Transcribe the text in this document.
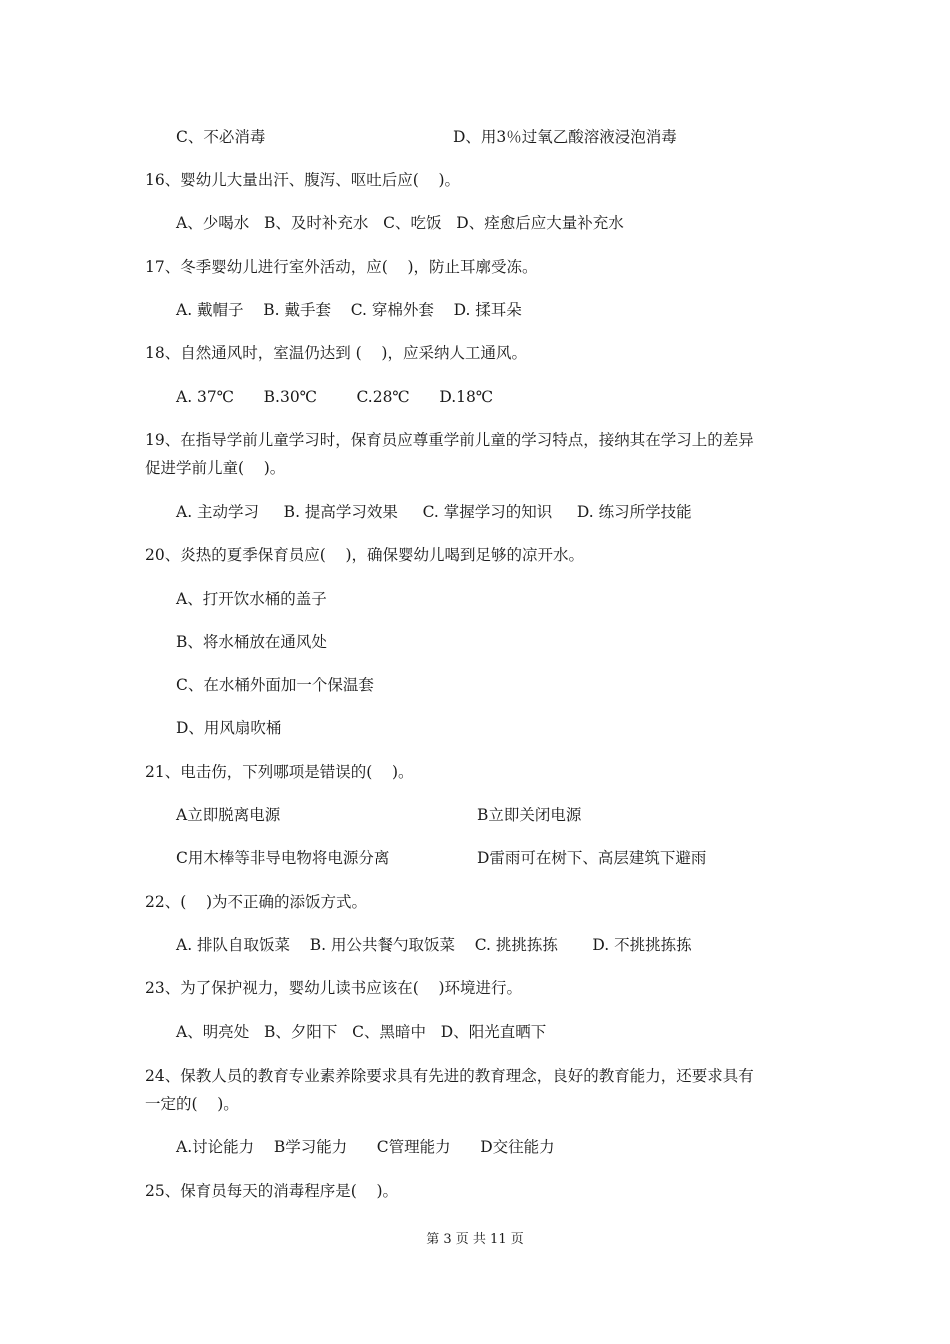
C、不必消毒	D、用3％过氧乙酸溶液浸泡消毒
16、婴幼儿大量出汗、腹泻、呕吐后应(    )。
A、少喝水   B、及时补充水   C、吃饭   D、痊愈后应大量补充水
17、冬季婴幼儿进行室外活动，应(    )，防止耳廓受冻。
A. 戴帽子    B. 戴手套    C. 穿棉外套    D. 揉耳朵
18、自然通风时，室温仍达到 (    )，应采纳人工通风。
A. 37℃      B.30℃        C.28℃      D.18℃
19、在指导学前儿童学习时，保育员应尊重学前儿童的学习特点，接纳其在学习上的差异
促进学前儿童(    )。
A. 主动学习     B. 提高学习效果     C. 掌握学习的知识     D. 练习所学技能
20、炎热的夏季保育员应(    )，确保婴幼儿喝到足够的凉开水。
A、打开饮水桶的盖子
B、将水桶放在通风处
C、在水桶外面加一个保温套
D、用风扇吹桶
21、电击伤，下列哪项是错误的(    )。
A立即脱离电源	B立即关闭电源
C用木棒等非导电物将电源分离	D雷雨可在树下、高层建筑下避雨
22、(    )为不正确的添饭方式。
A. 排队自取饭菜    B. 用公共餐勺取饭菜    C. 挑挑拣拣       D. 不挑挑拣拣
23、为了保护视力，婴幼儿读书应该在(    )环境进行。
A、明亮处   B、夕阳下   C、黑暗中   D、阳光直晒下
24、保教人员的教育专业素养除要求具有先进的教育理念，良好的教育能力，还要求具有
一定的(    )。
A.讨论能力    B学习能力      C管理能力      D交往能力
25、保育员每天的消毒程序是(    )。
第 3 页 共 11 页
